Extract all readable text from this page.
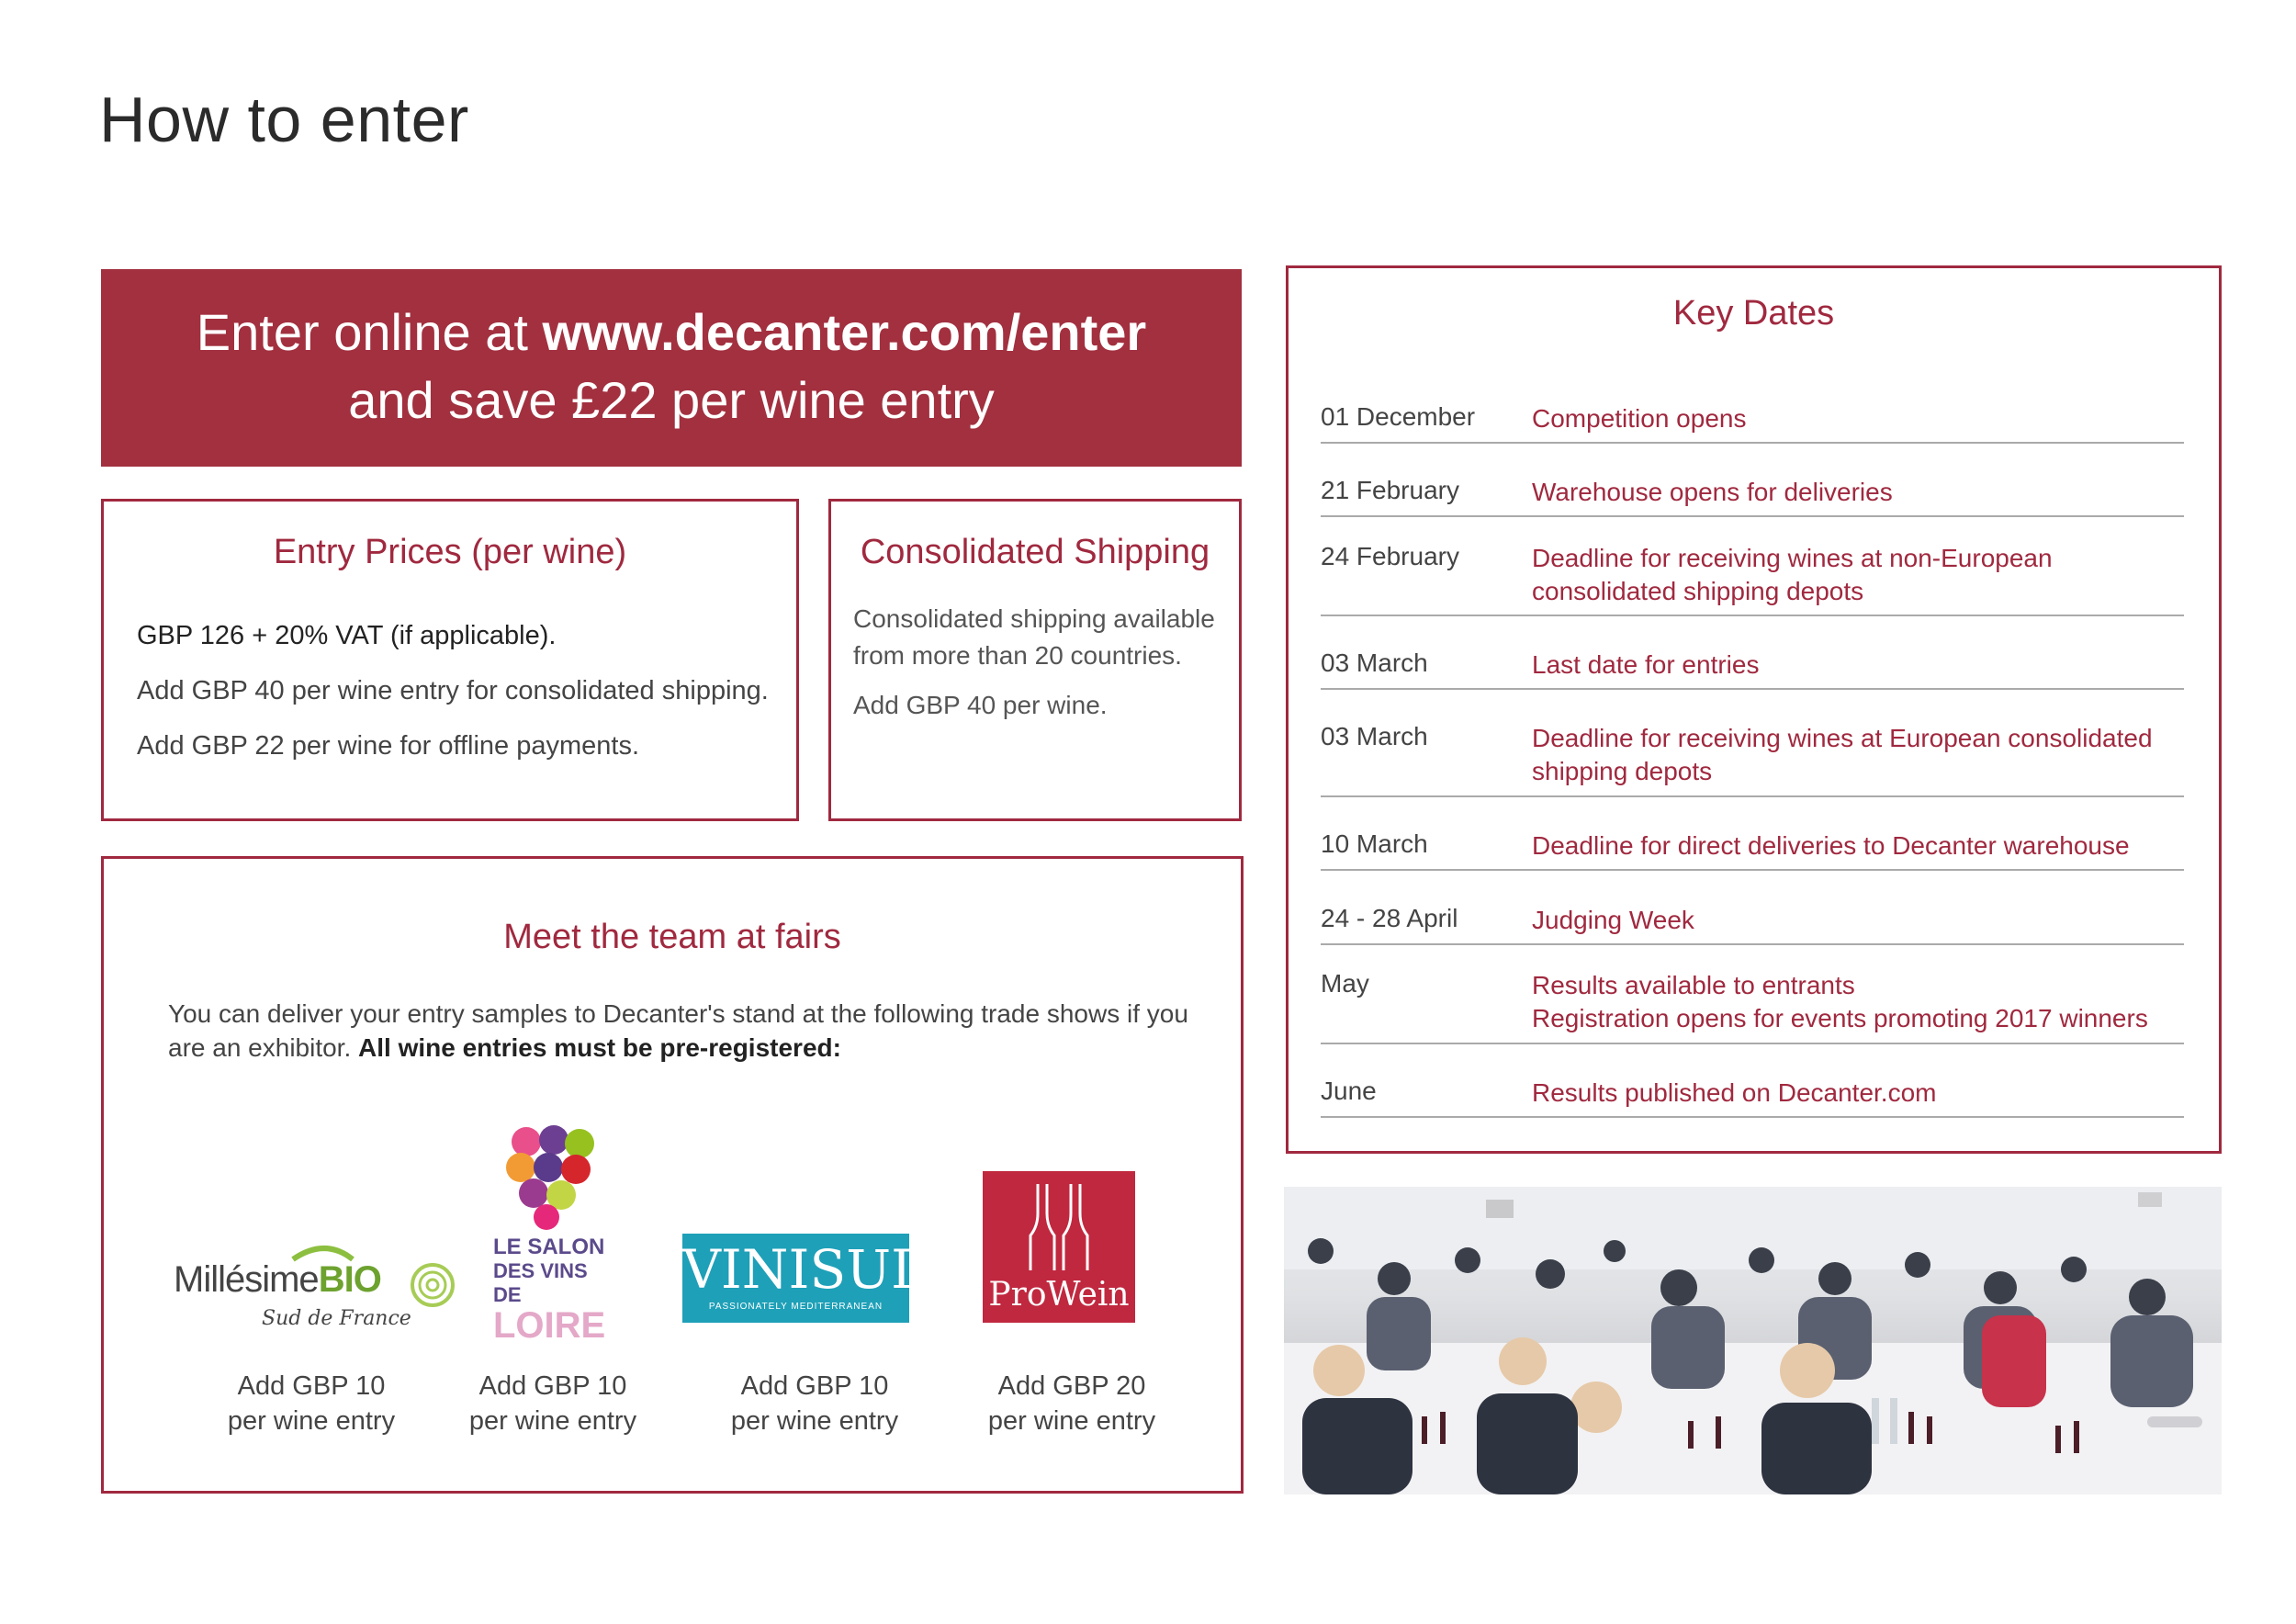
How to enter
Enter online at www.decanter.com/enter
and save £22 per wine entry
Entry Prices (per wine)

GBP 126 + 20% VAT (if applicable).

Add GBP 40 per wine entry for consolidated shipping.

Add GBP 22 per wine for offline payments.

Consolidated Shipping

Consolidated shipping available

from more than 20 countries.

Add GBP 40 per wine.

Key Dates
01 December Competition opens
21 February	Warehouse opens for deliveries
24 February	Deadline for receiving wines at non-European
consolidated shipping depots
03 March	Last date for entries
03 March	Deadline for receiving wines at European consolidated
shipping depots
10 March	Deadline for direct deliveries to Decanter warehouse
24 - 28 April	Judging Week
May	Results available to entrants
Registration opens for events promoting 2017 winners
June	Results published on Decanter.com
Meet the team at fairs
You can deliver your entry samples to Decanter's stand at the following trade shows if you are an exhibitor. All wine entries must be pre-registered:
MillésimeBIO
Sud de France
LE SALON
DES VINS DE
LOIRE
VINISUD
PASSIONATELY MEDITERRANEAN	ProWein
Add GBP 10
per wine entry
Add GBP 10
per wine entry
Add GBP 10
per wine entry
Add GBP 20
per wine entry
